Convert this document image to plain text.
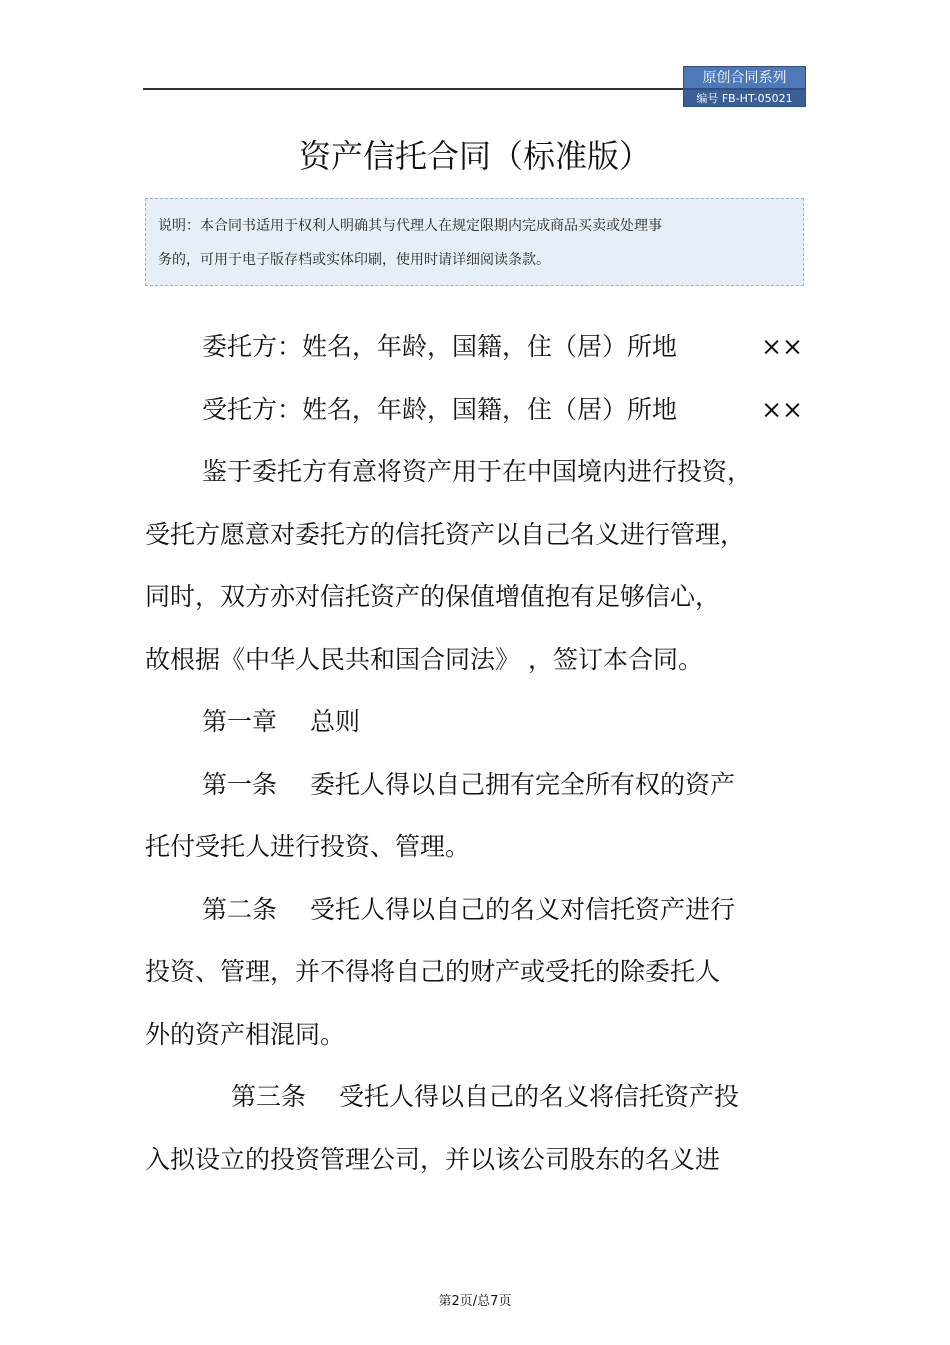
原创合同系列
编号 FB-HT-05021
资产信托合同（标准版）
说明：本合同书适用于权利人明确其与代理人在规定限期内完成商品买卖或处理事
务的，可用于电子版存档或实体印刷，使用时请详细阅读条款。
委托方：姓名，年龄，国籍，住（居）所地	××
受托方：姓名，年龄，国籍，住（居）所地	××
鉴于委托方有意将资产用于在中国境内进行投资，
受托方愿意对委托方的信托资产以自己名义进行管理，
同时，双方亦对信托资产的保值增值抱有足够信心，
故根据《中华人民共和国合同法》 ，签订本合同。
第一章　 总则
第一条　 委托人得以自己拥有完全所有权的资产
托付受托人进行投资、管理。
第二条　 受托人得以自己的名义对信托资产进行
投资、管理，并不得将自己的财产或受托的除委托人
外的资产相混同。
第三条　 受托人得以自己的名义将信托资产投
入拟设立的投资管理公司，并以该公司股东的名义进
第2页/总7页
